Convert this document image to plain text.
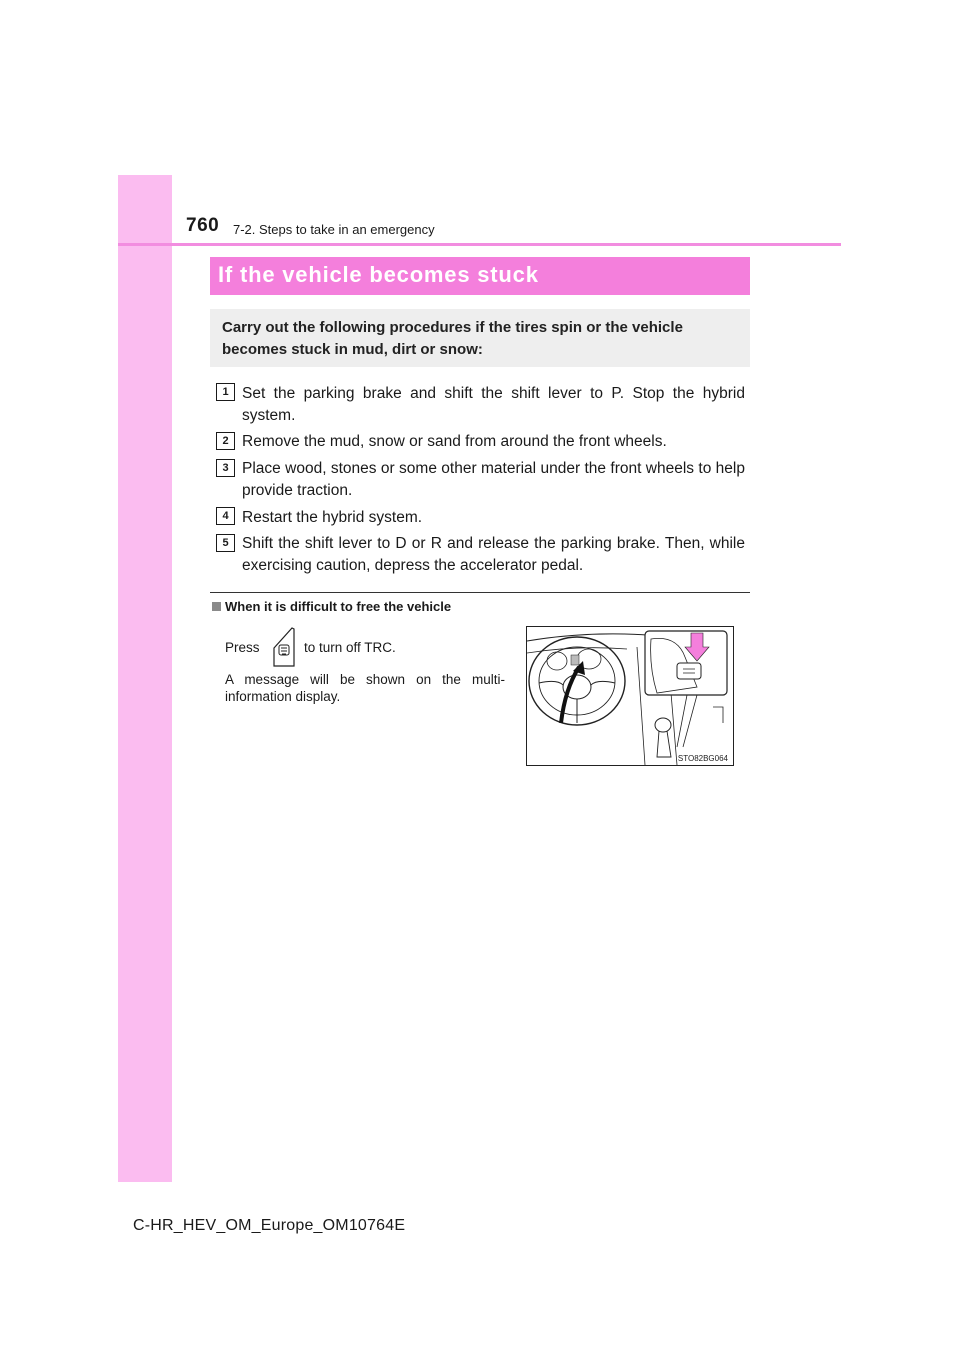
760 7-2. Steps to take in an emergency
If the vehicle becomes stuck

Carry out the following procedures if the tires spin or the vehicle becomes stuck in mud, dirt or snow:

1 Set the parking brake and shift the shift lever to P. Stop the hybrid system.

2 Remove the mud, snow or sand from around the front wheels.

3 Place wood, stones or some other material under the front wheels to help provide traction.

4 Restart the hybrid system.

5 Shift the shift lever to D or R and release the parking brake. Then, while exercising caution, depress the accelerator pedal.

When it is difficult to free the vehicle
Press	to turn off TRC.

A message will be shown on the multi-information display.

STO82BG064
C-HR_HEV_OM_Europe_OM10764E
